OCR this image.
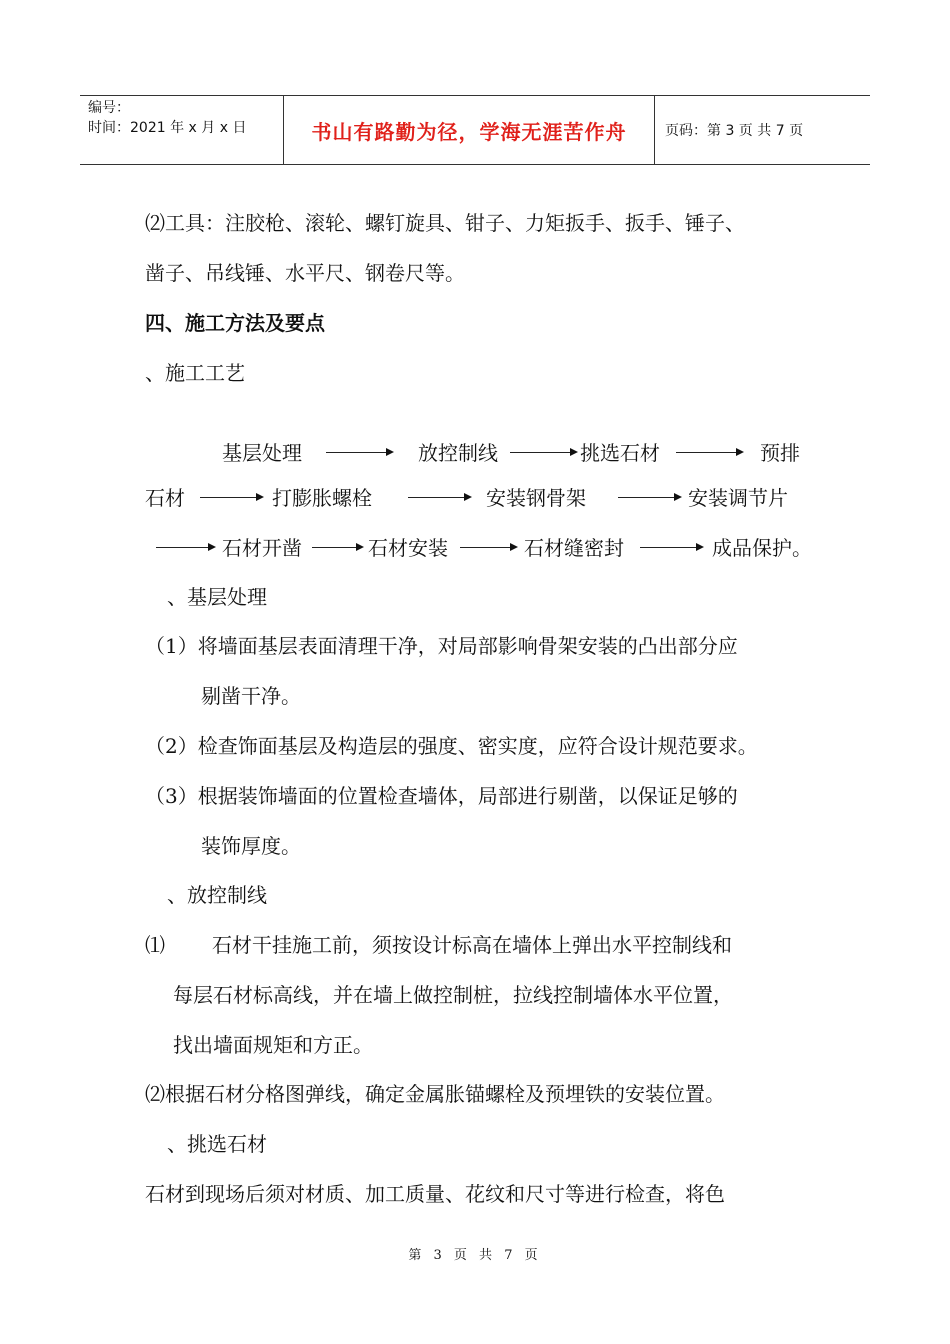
编号：
时间：2021 年 x 月 x 日	书山有路勤为径，学海无涯苦作舟	页码：第 3 页 共 7 页
⑵工具：注胶枪、滚轮、螺钉旋具、钳子、力矩扳手、扳手、锤子、
凿子、吊线锤、水平尺、钢卷尺等。
四、施工方法及要点
、施工工艺
基层处理	放控制线	挑选石材	预排
石材	打膨胀螺栓	安装钢骨架	安装调节片
石材开凿	石材安装	石材缝密封	成品保护。
、基层处理
（1）将墙面基层表面清理干净，对局部影响骨架安装的凸出部分应
剔凿干净。
（2）检查饰面基层及构造层的强度、密实度，应符合设计规范要求。
（3）根据装饰墙面的位置检查墙体，局部进行剔凿，以保证足够的
装饰厚度。
、放控制线
⑴ 石材干挂施工前，须按设计标高在墙体上弹出水平控制线和
每层石材标高线，并在墙上做控制桩，拉线控制墙体水平位置，
找出墙面规矩和方正。
⑵根据石材分格图弹线，确定金属胀锚螺栓及预埋铁的安装位置。
、挑选石材
石材到现场后须对材质、加工质量、花纹和尺寸等进行检查，将色
第 3 页 共 7 页
